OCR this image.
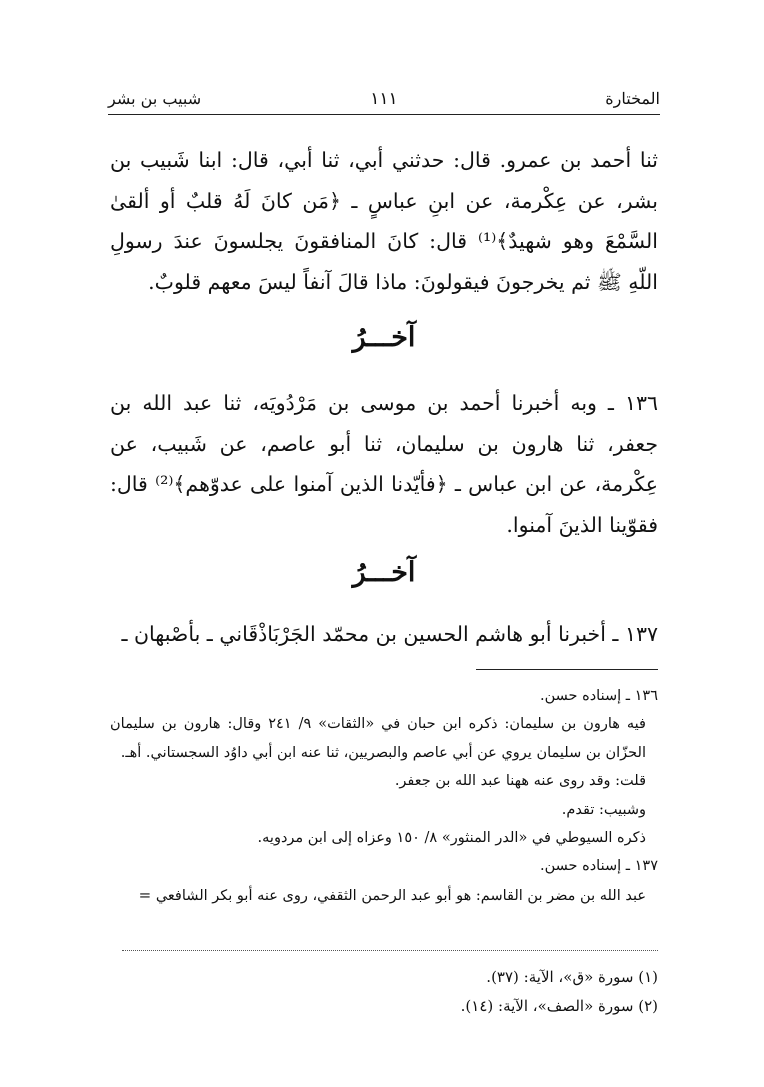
المختارة
١١١
شبيب بن بشر

ثنا أحمد بن عمرو. قال: حدثني أبي، ثنا أبي، قال: ابنا شَبيب بن بشر، عن عِكْرمة، عن ابنِ عباسٍ ـ ﴿مَن كانَ لَهُ قلبٌ أو ألقىٰ السَّمْعَ وهو شهيدٌ﴾⁽¹⁾ قال: كانَ المنافقونَ يجلسونَ عندَ رسولِ اللّهِ ﷺ ثم يخرجونَ فيقولونَ: ماذا قالَ آنفاً ليسَ معهم قلوبٌ.

آخـــرُ

١٣٦ ـ وبه أخبرنا أحمد بن موسى بن مَرْدُويَه، ثنا عبد الله بن جعفر، ثنا هارون بن سليمان، ثنا أبو عاصم، عن شَبيب، عن عِكْرمة، عن ابن عباس ـ ﴿فأيّدنا الذين آمنوا على عدوّهم﴾⁽²⁾ قال: فقوّينا الذينَ آمنوا.

آخـــرُ

١٣٧ ـ أخبرنا أبو هاشم الحسين بن محمّد الجَرْبَاذْقَاني ـ بأصْبهان ـ

١٣٦ ـ إسناده حسن.

فيه هارون بن سليمان: ذكره ابن حبان في «الثقات» ٩/ ٢٤١ وقال: هارون بن سليمان الحزّان بن سليمان يروي عن أبي عاصم والبصريين، ثنا عنه ابن أبي داوُد السجستاني. أهـ.

قلت: وقد روى عنه ههنا عبد الله بن جعفر.

وشبيب: تقدم.

ذكره السيوطي في «الدر المنثور» ٨/ ١٥٠ وعزاه إلى ابن مردويه.

١٣٧ ـ إسناده حسن.

عبد الله بن مضر بن القاسم: هو أبو عبد الرحمن الثقفي، روى عنه أبو بكر الشافعي =

(١) سورة «ق»، الآية: (٣٧).

(٢) سورة «الصف»، الآية: (١٤).
